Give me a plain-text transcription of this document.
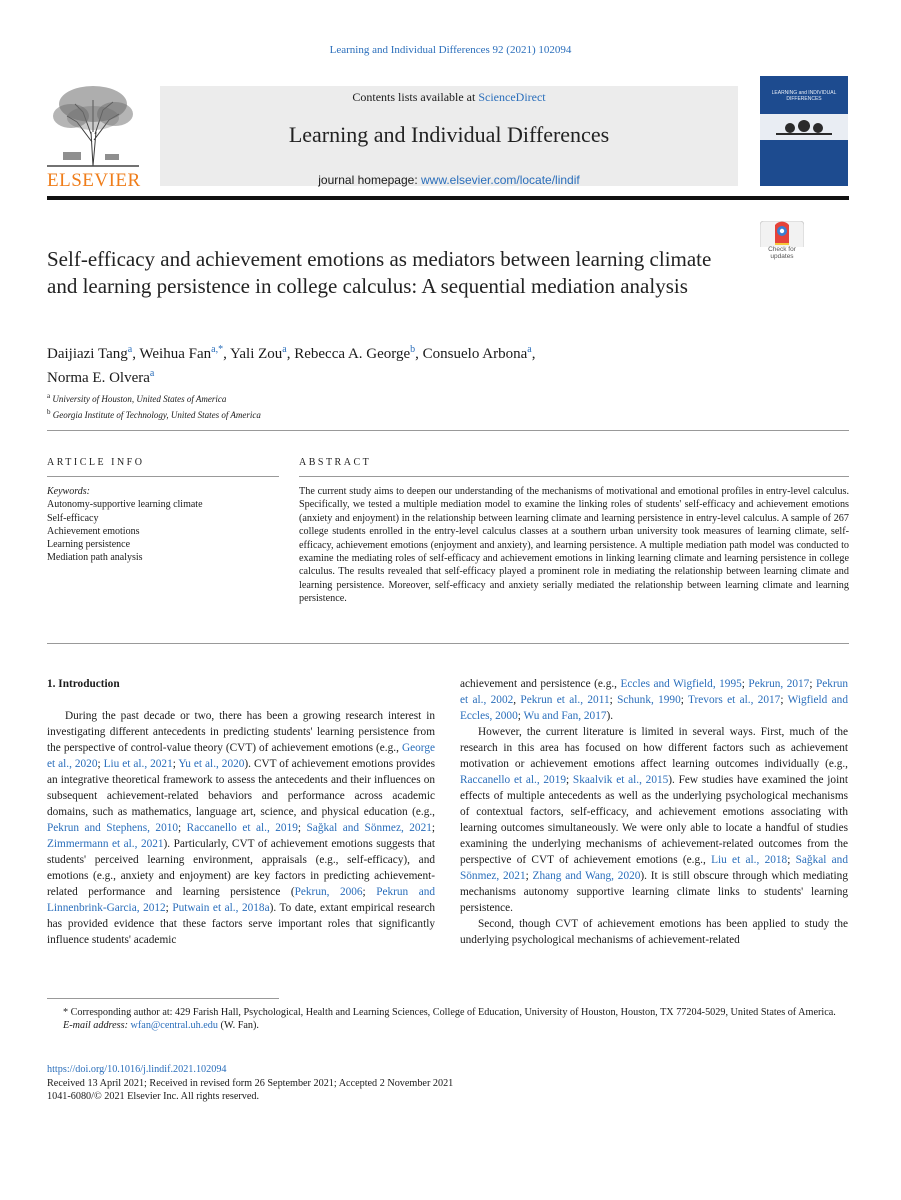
Learning and Individual Differences 92 (2021) 102094
ELSEVIER
Contents lists available at ScienceDirect
Learning and Individual Differences
journal homepage: www.elsevier.com/locate/lindif
LEARNING and INDIVIDUAL DIFFERENCES
Self-efficacy and achievement emotions as mediators between learning climate and learning persistence in college calculus: A sequential mediation analysis
Check for updates
Daijiazi Tang$^a$, Weihua Fan$^{a,*}$, Yali Zou$^a$, Rebecca A. George$^b$, Consuelo Arbona$^a$,
Norma E. Olvera$^a$
$^a$ University of Houston, United States of America
$^b$ Georgia Institute of Technology, United States of America
ARTICLE INFO
Keywords:
Autonomy-supportive learning climate
Self-efficacy
Achievement emotions
Learning persistence
Mediation path analysis
ABSTRACT
The current study aims to deepen our understanding of the mechanisms of motivational and emotional profiles in entry-level calculus. Specifically, we tested a multiple mediation model to examine the linking roles of students' self-efficacy and achievement emotions (anxiety and enjoyment) in the relationship between learning climate and learning persistence in entry-level calculus. A sample of 267 college students enrolled in the entry-level calculus classes at a southern urban university took measures of learning climate, self-efficacy, achievement emotions (enjoyment and anxiety), and learning persistence. A multiple mediation path model was conducted to examine the mediating roles of self-efficacy and achievement emotions in linking learning climate and learning persistence in college calculus. The results revealed that self-efficacy played a prominent role in mediating the relationship between learning climate and learning persistence. Moreover, self-efficacy and anxiety serially mediated the relationship between learning climate and learning persistence.
1. Introduction

During the past decade or two, there has been a growing research interest in investigating different antecedents in predicting students' learning persistence from the perspective of control-value theory (CVT) of achievement emotions (e.g., George et al., 2020; Liu et al., 2021; Yu et al., 2020). CVT of achievement emotions provides an integrative theoretical framework to assess the antecedents and their influences on subsequent achievement-related behaviors and performance across academic domains, such as mathematics, language art, science, and physical education (e.g., Pekrun and Stephens, 2010; Raccanello et al., 2019; Sağkal and Sönmez, 2021; Zimmermann et al., 2021). Particularly, CVT of achievement emotions suggests that students' perceived learning environment, appraisals (e.g., self-efficacy), and emotions (e.g., anxiety and enjoyment) are key factors in predicting achievement-related performance and learning persistence (Pekrun, 2006; Pekrun and Linnenbrink-Garcia, 2012; Putwain et al., 2018a). To date, extant empirical research has provided evidence that these factors serve important roles that significantly influence students' academic

achievement and persistence (e.g., Eccles and Wigfield, 1995; Pekrun, 2017; Pekrun et al., 2002, Pekrun et al., 2011; Schunk, 1990; Trevors et al., 2017; Wigfield and Eccles, 2000; Wu and Fan, 2017).

However, the current literature is limited in several ways. First, much of the research in this area has focused on how different factors such as achievement motivation or achievement emotions affect learning outcomes individually (e.g., Raccanello et al., 2019; Skaalvik et al., 2015). Few studies have examined the joint effects of multiple antecedents as well as the underlying psychological mechanisms of contextual factors, self-efficacy, and achievement emotions associating with learning outcomes simultaneously. We were only able to locate a handful of studies examining the underlying mechanisms of achievement-related outcomes from the perspective of CVT of achievement emotions (e.g., Liu et al., 2018; Sağkal and Sönmez, 2021; Zhang and Wang, 2020). It is still obscure through which mediating mechanisms autonomy supportive learning climate links to students' learning persistence.

Second, though CVT of achievement emotions has been applied to study the underlying psychological mechanisms of achievement-related

* Corresponding author at: 429 Farish Hall, Psychological, Health and Learning Sciences, College of Education, University of Houston, Houston, TX 77204-5029, United States of America.

E-mail address: wfan@central.uh.edu (W. Fan).

https://doi.org/10.1016/j.lindif.2021.102094
Received 13 April 2021; Received in revised form 26 September 2021; Accepted 2 November 2021
1041-6080/© 2021 Elsevier Inc. All rights reserved.
